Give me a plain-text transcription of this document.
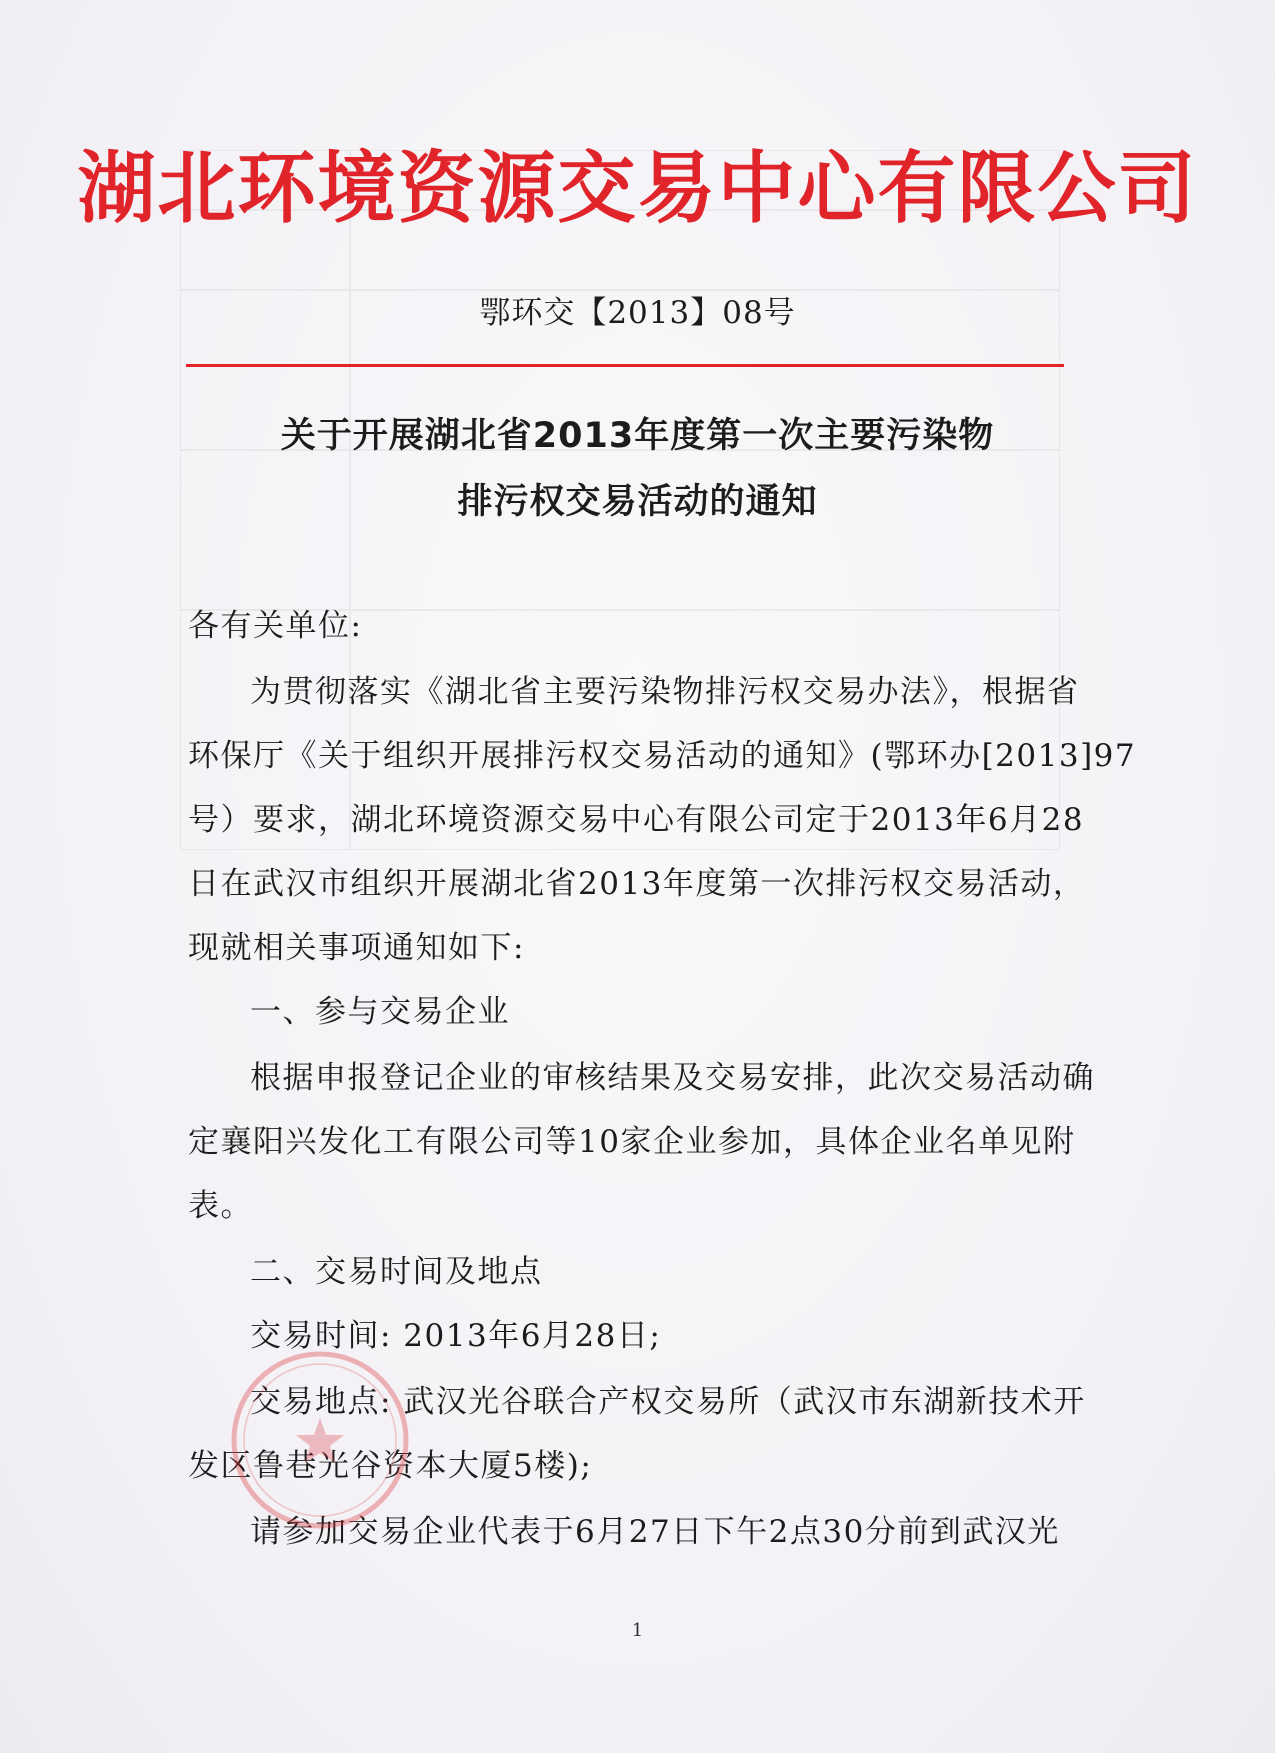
湖北环境资源交易中心有限公司
鄂环交【2013】08号
关于开展湖北省2013年度第一次主要污染物
排污权交易活动的通知
各有关单位:
为贯彻落实《湖北省主要污染物排污权交易办法》，根据省
环保厅《关于组织开展排污权交易活动的通知》(鄂环办[2013]97
号）要求，湖北环境资源交易中心有限公司定于2013年6月28
日在武汉市组织开展湖北省2013年度第一次排污权交易活动，
现就相关事项通知如下:
一、参与交易企业
根据申报登记企业的审核结果及交易安排，此次交易活动确
定襄阳兴发化工有限公司等10家企业参加，具体企业名单见附
表。
二、交易时间及地点
交易时间: 2013年6月28日;
交易地点: 武汉光谷联合产权交易所（武汉市东湖新技术开
发区鲁巷光谷资本大厦5楼);
请参加交易企业代表于6月27日下午2点30分前到武汉光
1
